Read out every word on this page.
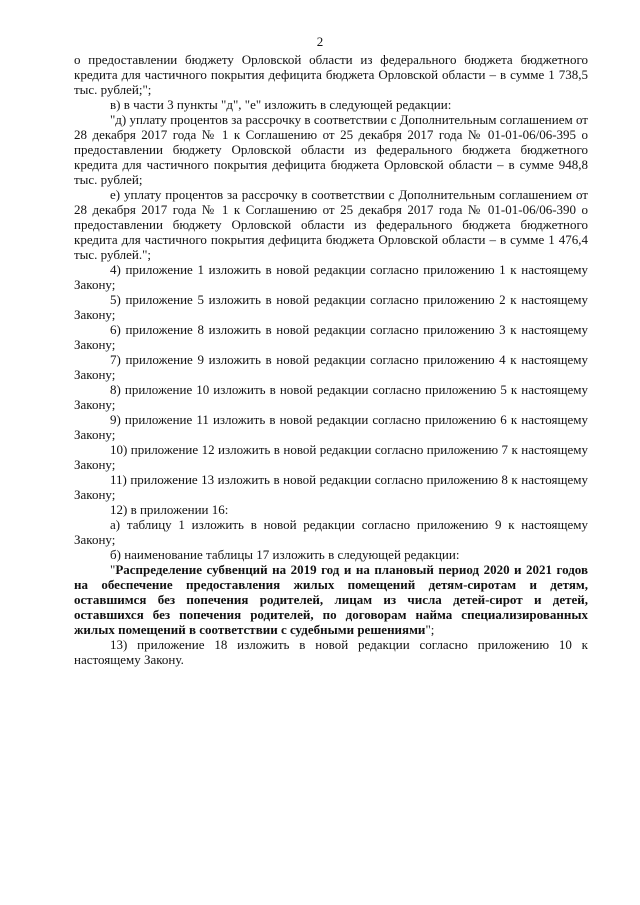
2

о предоставлении бюджету Орловской области из федерального бюджета бюджетного кредита для частичного покрытия дефицита бюджета Орловской области – в сумме 1 738,5 тыс. рублей;";

в) в части 3 пункты "д", "е" изложить в следующей редакции:

"д) уплату процентов за рассрочку в соответствии с Дополнительным соглашением от 28 декабря 2017 года № 1 к Соглашению от 25 декабря 2017 года № 01-01-06/06-395 о предоставлении бюджету Орловской области из федерального бюджета бюджетного кредита для частичного покрытия дефицита бюджета Орловской области – в сумме 948,8 тыс. рублей;

е) уплату процентов за рассрочку в соответствии с Дополнительным соглашением от 28 декабря 2017 года № 1 к Соглашению от 25 декабря 2017 года № 01-01-06/06-390 о предоставлении бюджету Орловской области из федерального бюджета бюджетного кредита для частичного покрытия дефицита бюджета Орловской области – в сумме 1 476,4 тыс. рублей.";

4) приложение 1 изложить в новой редакции согласно приложению 1 к настоящему Закону;

5) приложение 5 изложить в новой редакции согласно приложению 2 к настоящему Закону;

6) приложение 8 изложить в новой редакции согласно приложению 3 к настоящему Закону;

7) приложение 9 изложить в новой редакции согласно приложению 4 к настоящему Закону;

8) приложение 10 изложить в новой редакции согласно приложению 5 к настоящему Закону;

9) приложение 11 изложить в новой редакции согласно приложению 6 к настоящему Закону;

10) приложение 12 изложить в новой редакции согласно приложению 7 к настоящему Закону;

11) приложение 13 изложить в новой редакции согласно приложению 8 к настоящему Закону;

12) в приложении 16:

а) таблицу 1 изложить в новой редакции согласно приложению 9 к настоящему Закону;

б) наименование таблицы 17 изложить в следующей редакции:

"Распределение субвенций на 2019 год и на плановый период 2020 и 2021 годов на обеспечение предоставления жилых помещений детям-сиротам и детям, оставшимся без попечения родителей, лицам из числа детей-сирот и детей, оставшихся без попечения родителей, по договорам найма специализированных жилых помещений в соответствии с судебными решениями";

13) приложение 18 изложить в новой редакции согласно приложению 10 к настоящему Закону.
